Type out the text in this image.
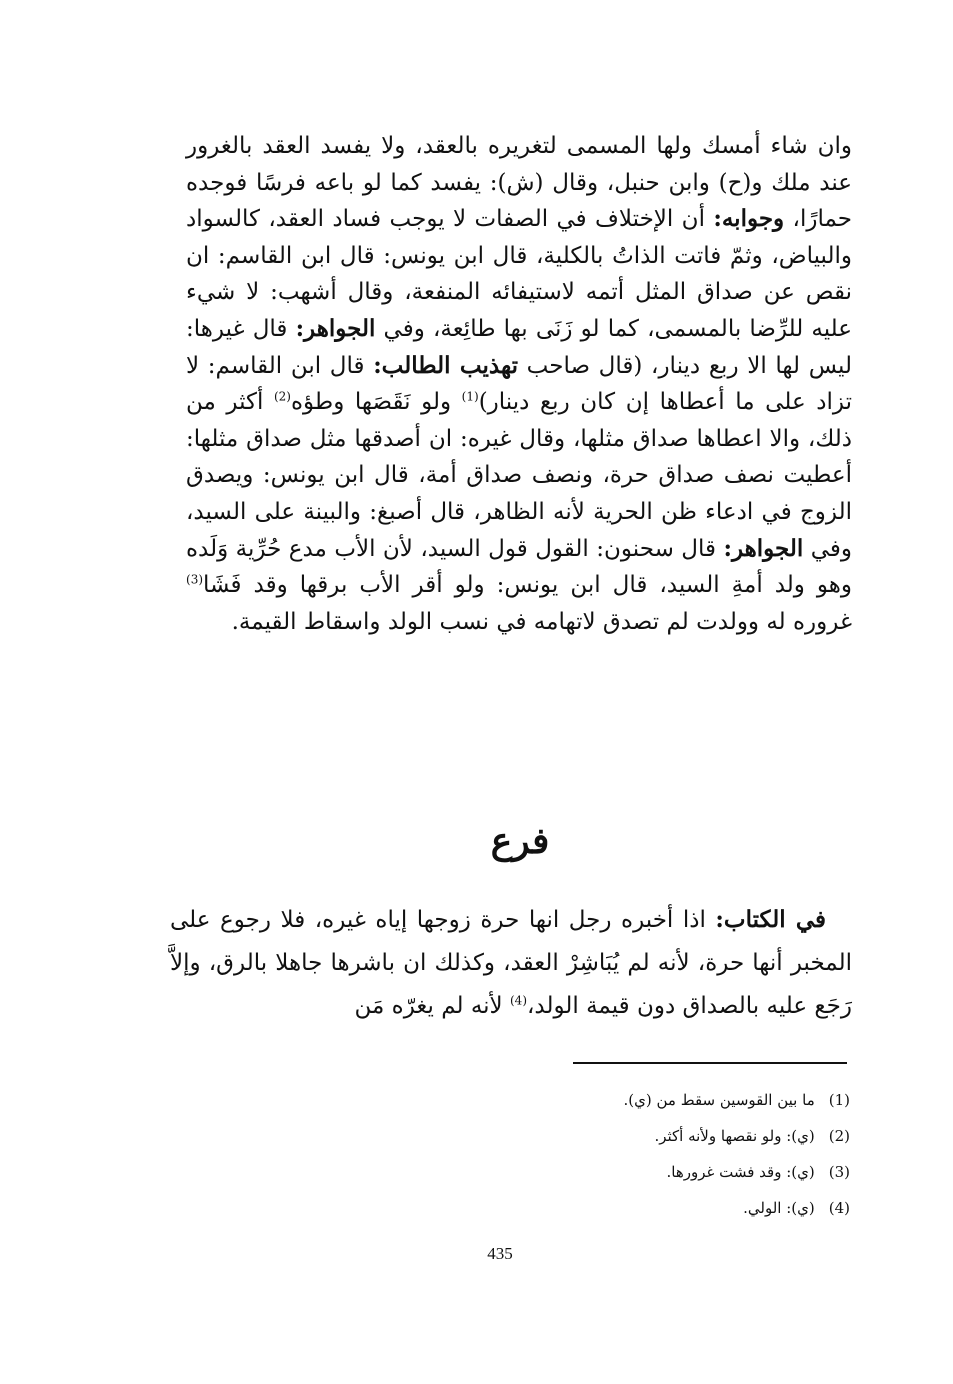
وان شاء أمسك ولها المسمى لتغريره بالعقد، ولا يفسد العقد بالغرور عند ملك و(ح) وابن حنبل، وقال (ش): يفسد كما لو باعه فرسًا فوجده حمارًا، وجوابه: أن الإختلاف في الصفات لا يوجب فساد العقد، كالسواد والبياض، وثمّ فاتت الذاتُ بالكلية، قال ابن يونس: قال ابن القاسم: ان نقص عن صداق المثل أتمه لاستيفائه المنفعة، وقال أشهب: لا شيء عليه للرِّضا بالمسمى، كما لو زَنَى بها طائِعة، وفي الجواهر: قال غيرها: ليس لها الا ربع دينار، (قال صاحب تهذيب الطالب: قال ابن القاسم: لا تزاد على ما أعطاها إن كان ربع دينار)$^{(1)}$ ولو نَقَصَها وطؤه$^{(2)}$ أكثر من ذلك، والا اعطاها صداق مثلها، وقال غيره: ان أصدقها مثل صداق مثلها: أعطيت نصف صداق حرة، ونصف صداق أمة، قال ابن يونس: ويصدق الزوج في ادعاء ظن الحرية لأنه الظاهر، قال أصبغ: والبينة على السيد، وفي الجواهر: قال سحنون: القول قول السيد، لأن الأب مدع حُرِّية وَلَده وهو ولد أمةِ السيد، قال ابن يونس: ولو أقر الأب برقها وقد فَشَا$^{(3)}$ غروره له وولدت لم تصدق لاتهامه في نسب الولد واسقاط القيمة.

فرع

في الكتاب: اذا أخبره رجل انها حرة زوجها إياه غيره، فلا رجوع على المخبر أنها حرة، لأنه لم يُبَاشِرْ العقد، وكذلك ان باشرها جاهلا بالرق، وإلاَّ رَجَع عليه بالصداق دون قيمة الولد،$^{(4)}$ لأنه لم يغرّه مَن

(1)ما بين القوسين سقط من (ي).
(2)(ي): ولو نقصها ولأنه أكثر.
(3)(ي): وقد فشت غرورها.
(4)(ي): الولي.
435
